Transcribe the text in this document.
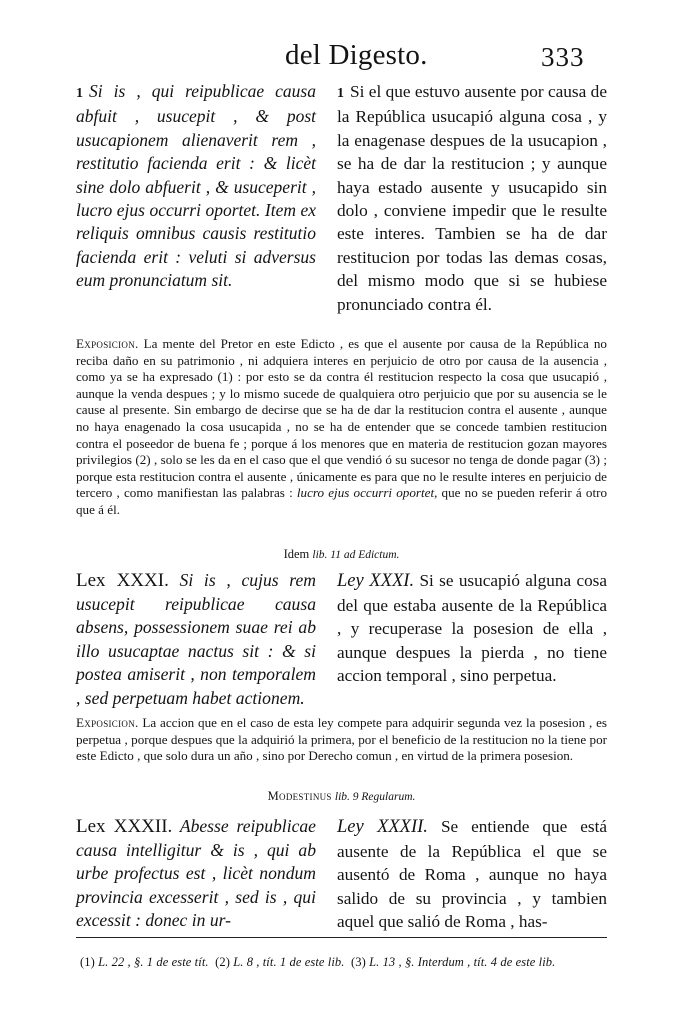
del Digesto.	333

1 Si is , qui reipublicae causa abfuit , usucepit , & post usucapionem alienaverit rem , restitutio facienda erit : & licèt sine dolo abfuerit , & usuceperit , lucro ejus occurri oportet. Item ex reliquis omnibus causis restitutio facienda erit : veluti si adversus eum pronunciatum sit.

1 Si el que estuvo ausente por causa de la República usucapió alguna cosa , y la enagenase despues de la usucapion , se ha de dar la restitucion ; y aunque haya estado ausente y usucapido sin dolo , conviene impedir que le resulte este interes. Tambien se ha de dar restitucion por todas las demas cosas, del mismo modo que si se hubiese pronunciado contra él.

Exposicion. La mente del Pretor en este Edicto , es que el ausente por causa de la República no reciba daño en su patrimonio , ni adquiera interes en perjuicio de otro por causa de la ausencia , como ya se ha expresado (1) : por esto se da contra él restitucion respecto la cosa que usucapió , aunque la venda despues ; y lo mismo sucede de qualquiera otro perjuicio que por su ausencia se le cause al presente. Sin embargo de decirse que se ha de dar la restitucion contra el ausente , aunque no haya enagenado la cosa usucapida , no se ha de entender que se concede tambien restitucion contra el poseedor de buena fe ; porque á los menores que en materia de restitucion gozan mayores privilegios (2) , solo se les da en el caso que el que vendió ó su sucesor no tenga de donde pagar (3) ; porque esta restitucion contra el ausente , únicamente es para que no le resulte interes en perjuicio de tercero , como manifiestan las palabras : lucro ejus occurri oportet, que no se pueden referir á otro que á él.

Idem lib. 11 ad Edictum.

Lex XXXI. Si is , cujus rem usucepit reipublicae causa absens, possessionem suae rei ab illo usucaptae nactus sit : & si postea amiserit , non temporalem , sed perpetuam habet actionem.

Ley XXXI. Si se usucapió alguna cosa del que estaba ausente de la República , y recuperase la posesion de ella , aunque despues la pierda , no tiene accion temporal , sino perpetua.

Exposicion. La accion que en el caso de esta ley compete para adquirir segunda vez la posesion , es perpetua , porque despues que la adquirió la primera, por el beneficio de la restitucion no la tiene por este Edicto , que solo dura un año , sino por Derecho comun , en virtud de la primera posesion.

Modestinus lib. 9 Regularum.

Lex XXXII. Abesse reipublicae causa intelligitur & is , qui ab urbe profectus est , licèt nondum provincia excesserit , sed is , qui excessit : donec in ur-

Ley XXXII. Se entiende que está ausente de la República el que se ausentó de Roma , aunque no haya salido de su provincia , y tambien aquel que salió de Roma , has-

(1) L. 22 , §. 1 de este tít. (2) L. 8 , tít. 1 de este lib. (3) L. 13 , §. Interdum , tít. 4 de este lib.
